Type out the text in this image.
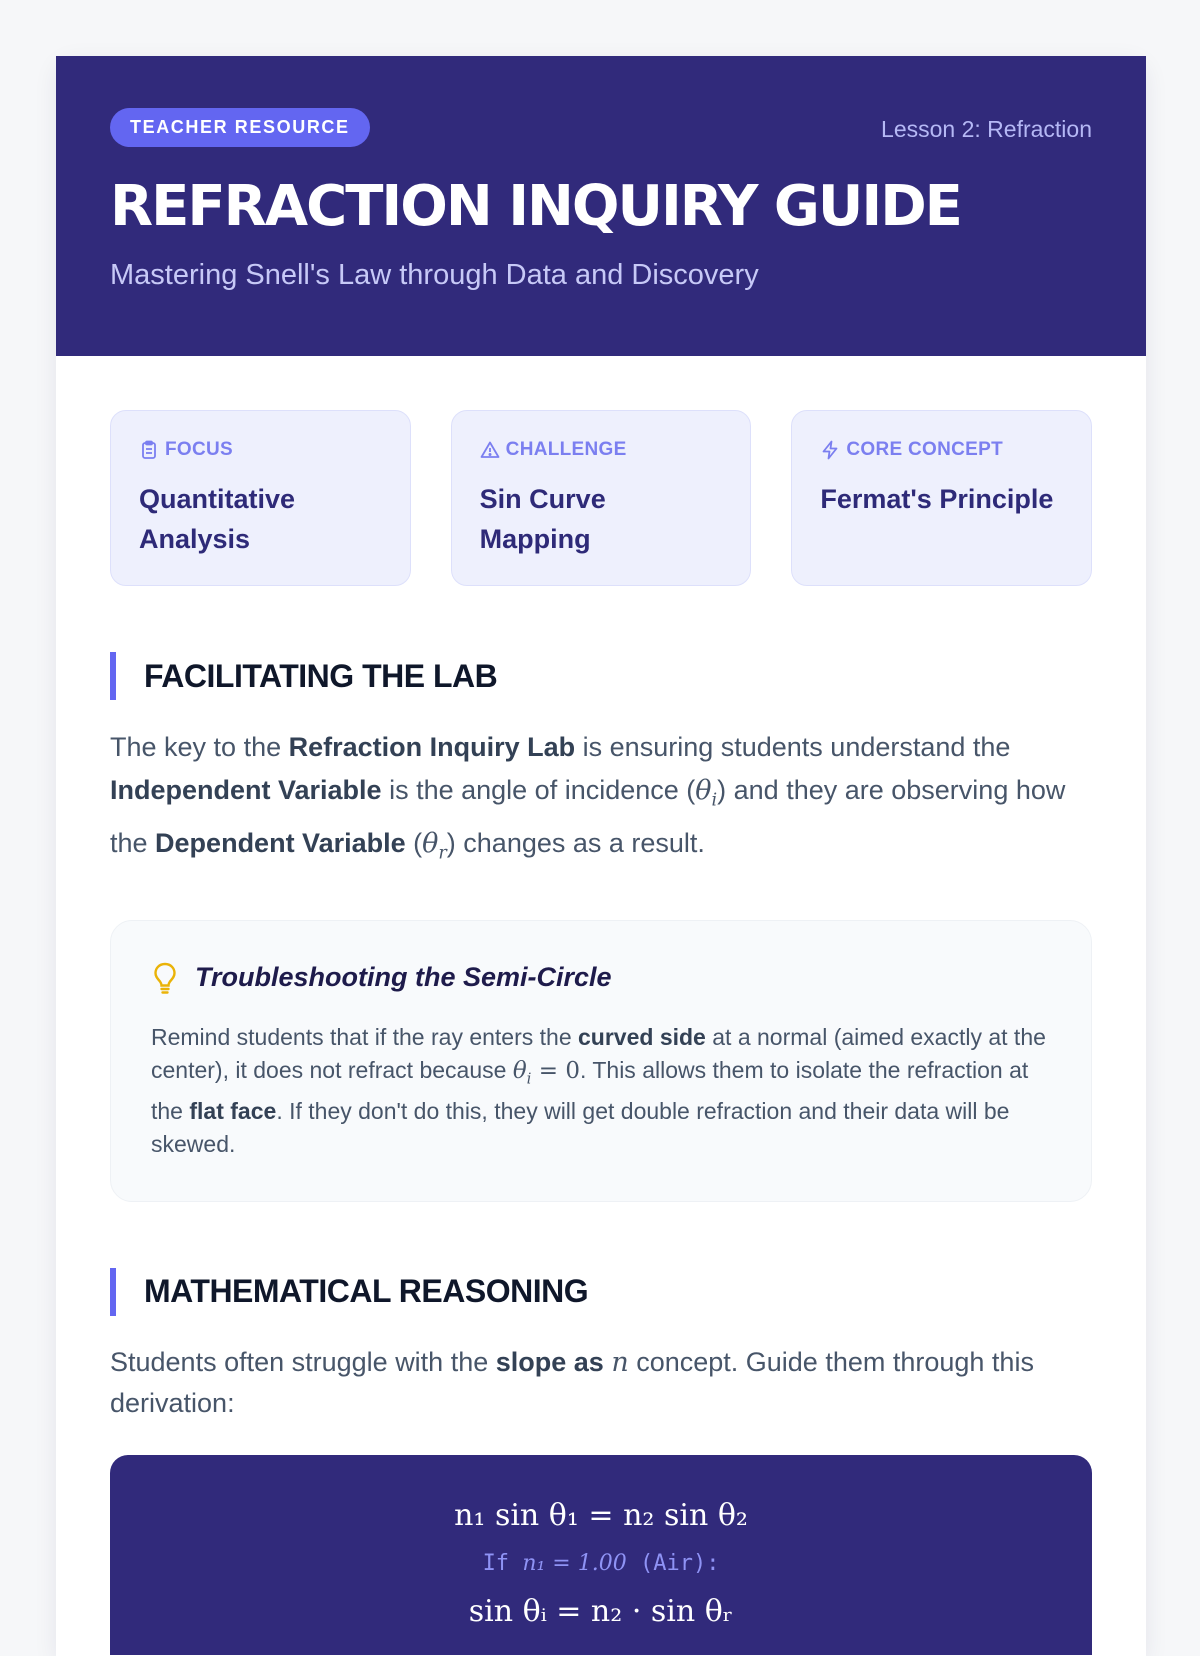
TEACHER RESOURCE	Lesson 2: Refraction
REFRACTION INQUIRY GUIDE
Mastering Snell's Law through Data and Discovery
FOCUS
Quantitative Analysis
CHALLENGE
Sin Curve Mapping
CORE CONCEPT
Fermat's Principle
FACILITATING THE LAB

The key to the Refraction Inquiry Lab is ensuring students understand the Independent Variable is the angle of incidence $(\theta_i)$ and they are observing how the Dependent Variable $(\theta_r)$ changes as a result.

Troubleshooting the Semi-Circle

Remind students that if the ray enters the curved side at a normal (aimed exactly at the center), it does not refract because $\theta_i = 0$. This allows them to isolate the refraction at the flat face. If they don't do this, they will get double refraction and their data will be skewed.

MATHEMATICAL REASONING

Students often struggle with the slope as n concept. Guide them through this derivation:

n₁ sin θ₁ = n₂ sin θ₂
If n₁ = 1.00 (Air):
sin θᵢ = n₂ · sin θᵣ
